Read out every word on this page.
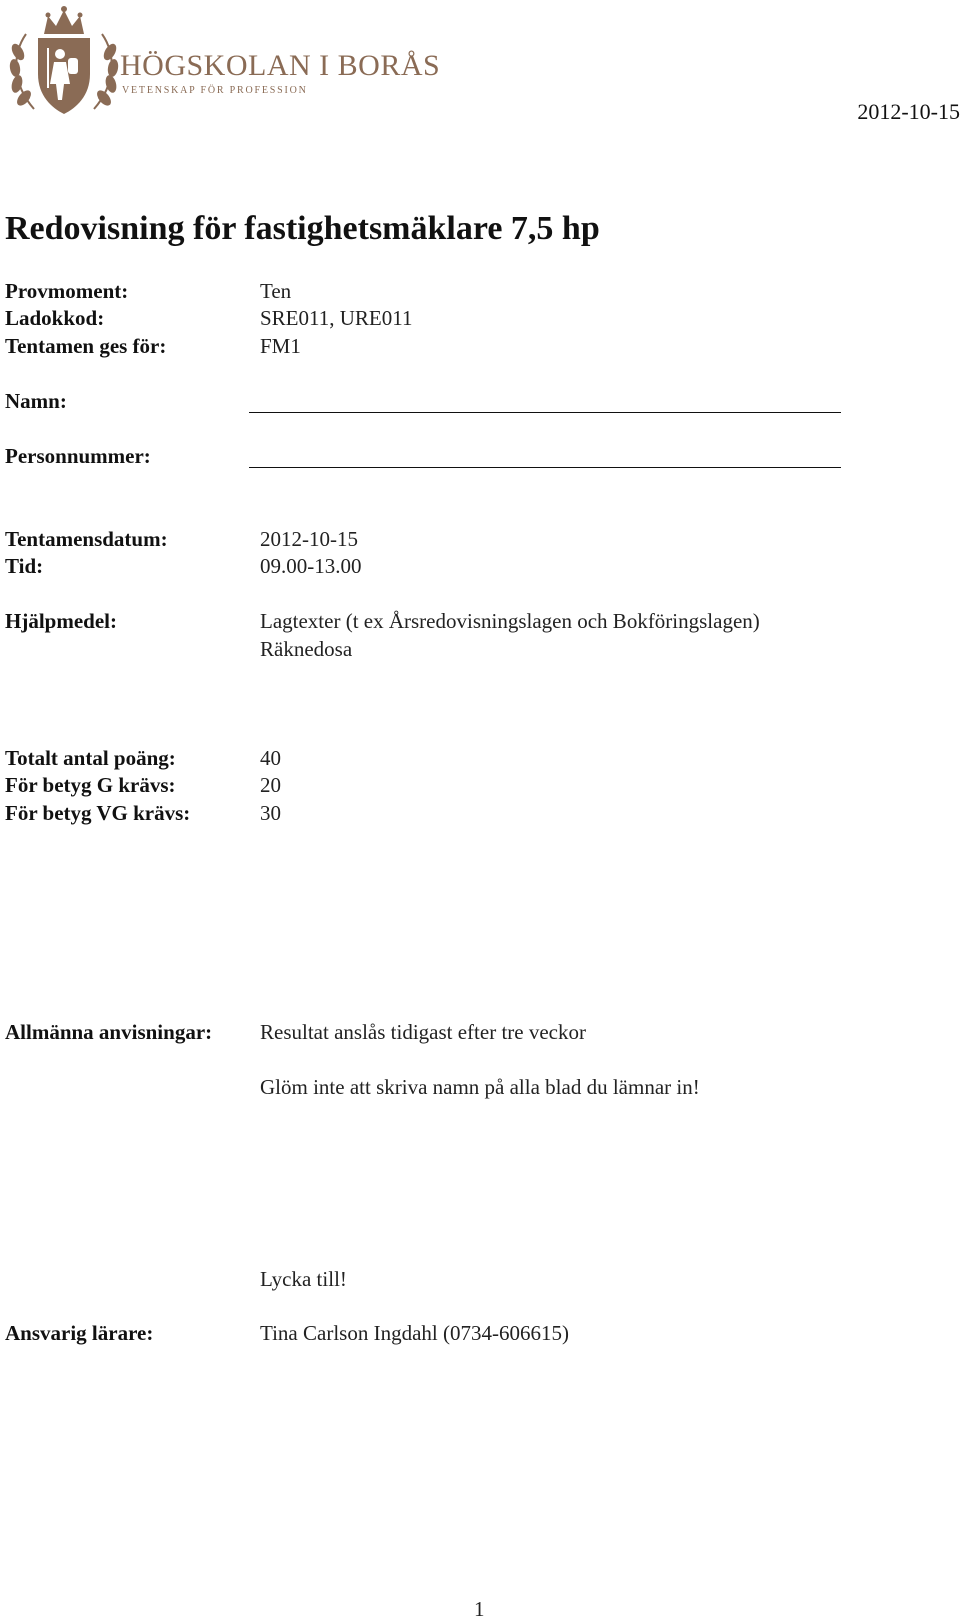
HÖGSKOLAN I BORÅS
VETENSKAP FÖR PROFESSION
2012-10-15
Redovisning för fastighetsmäklare 7,5 hp
Provmoment:	Ten
Ladokkod:	SRE011, URE011
Tentamen ges för:	FM1
Namn:
Personnummer:
Tentamensdatum:	2012-10-15
Tid:	09.00-13.00
Hjälpmedel:	Lagtexter (t ex Årsredovisningslagen och Bokföringslagen)
Räknedosa
Totalt antal poäng:	40
För betyg G krävs:	20
För betyg VG krävs:	30
Allmänna anvisningar: Resultat anslås tidigast efter tre veckor
Glöm inte att skriva namn på alla blad du lämnar in!
Lycka till!
Ansvarig lärare:	Tina Carlson Ingdahl (0734-606615)
1
